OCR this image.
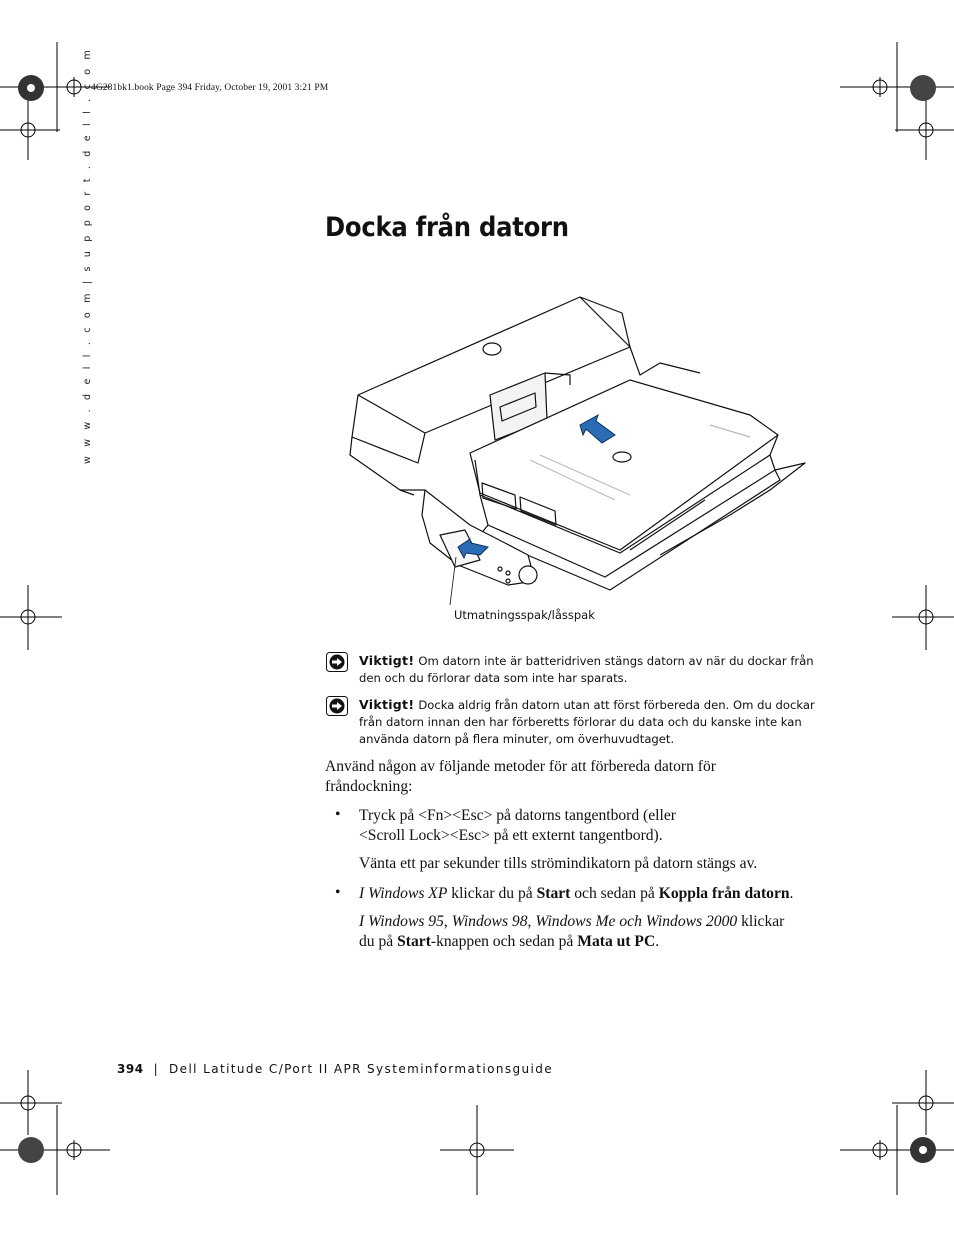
4G281bk1.book Page 394 Friday, October 19, 2001 3:21 PM
w w w . d e l l . c o m | s u p p o r t . d e l l . c o m	Docka från datorn
Utmatningsspak/låsspak
Viktigt! Om datorn inte är batteridriven stängs datorn av när du dockar från den och du förlorar data som inte har sparats.
Viktigt! Docka aldrig från datorn utan att först förbereda den. Om du dockar från datorn innan den har förberetts förlorar du data och du kanske inte kan använda datorn på flera minuter, om överhuvudtaget.
Använd någon av följande metoder för att förbereda datorn för fråndockning:
• Tryck på <Fn><Esc> på datorns tangentbord (eller
<Scroll Lock><Esc> på ett externt tangentbord).
Vänta ett par sekunder tills strömindikatorn på datorn stängs av.
• I Windows XP klickar du på Start och sedan på Koppla från datorn.
I Windows 95, Windows 98, Windows Me och Windows 2000 klickar du på Start-knappen och sedan på Mata ut PC.
394 | Dell Latitude C/Port II APR Systeminformationsguide
